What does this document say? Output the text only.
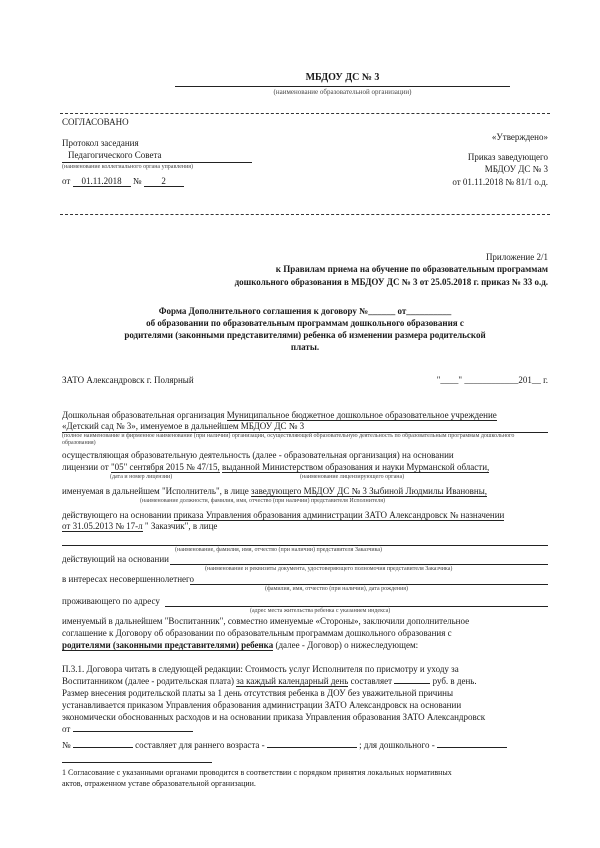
МБДОУ ДС № 3
(наименование образовательной организации)
СОГЛАСОВАНО
Протокол заседания
Педагогического Совета
(наименование коллегиального органа управления)
от 01.11.2018 № 2
«Утверждено»
Приказ заведующего
МБДОУ ДС № 3
от 01.11.2018 № 81/1 о.д.
Приложение 2/1
к Правилам приема на обучение по образовательным программам
дошкольного образования в МБДОУ ДС № 3 от 25.05.2018 г. приказ № 33 о.д.
Форма Дополнительного соглашения к договору №______ от__________
об образовании по образовательным программам дошкольного образования с
родителями (законными представителями) ребенка об изменении размера родительской
платы.
ЗАТО Александровск г. Полярный	"____" ____________201__ г.
Дошкольная образовательная организация Муниципальное бюджетное дошкольное образовательное учреждение
«Детский сад № 3», именуемое в дальнейшем МБДОУ ДС № 3
(полное наименование и фирменное наименование (при наличии) организации, осуществляющей образовательную деятельность по образовательным программам дошкольного образования)
осуществляющая образовательную деятельность (далее - образовательная организация) на основании
лицензии от "05" сентября 2015 № 47/15, выданной Министерством образования и науки Мурманской области,
(дата и номер лицензии)	(наименование лицензирующего органа)
именуемая в дальнейшем "Исполнитель", в лице заведующего МБДОУ ДС № 3 Зыбиной Людмилы Ивановны,
(наименование должности, фамилия, имя, отчество (при наличии) представителя Исполнителя)
действующего на основании приказа Управления образования администрации ЗАТО Александровск № назначении
от 31.05.2013 № 17-л " Заказчик", в лице
(наименование, фамилия, имя, отчество (при наличии) представителя Заказчика)
действующий на основании
(наименование и реквизиты документа, удостоверяющего полномочия представителя Заказчика)
в интересах несовершеннолетнего
(фамилия, имя, отчество (при наличии), дата рождения)
проживающего по адресу
(адрес места жительства ребенка с указанием индекса)
именуемый в дальнейшем "Воспитанник", совместно именуемые «Стороны», заключили дополнительное
соглашение к Договору об образовании по образовательным программам дошкольного образования с
родителями (законными представителями) ребенка (далее - Договор) о нижеследующем:
П.3.1. Договора читать в следующей редакции: Стоимость услуг Исполнителя по присмотру и уходу за
Воспитанником (далее - родительская плата) за каждый календарный день составляет	руб. в день.
Размер внесения родительской платы за 1 день отсутствия ребенка в ДОУ без уважительной причины
устанавливается приказом Управления образования администрации ЗАТО Александровск на основании
экономически обоснованных расходов и на основании приказа Управления образования ЗАТО Александровск
от
№	составляет для раннего возраста -	; для дошкольного -
1 Согласование с указанными органами проводится в соответствии с порядком принятия локальных нормативных
актов, отраженном уставе образовательной организации.
